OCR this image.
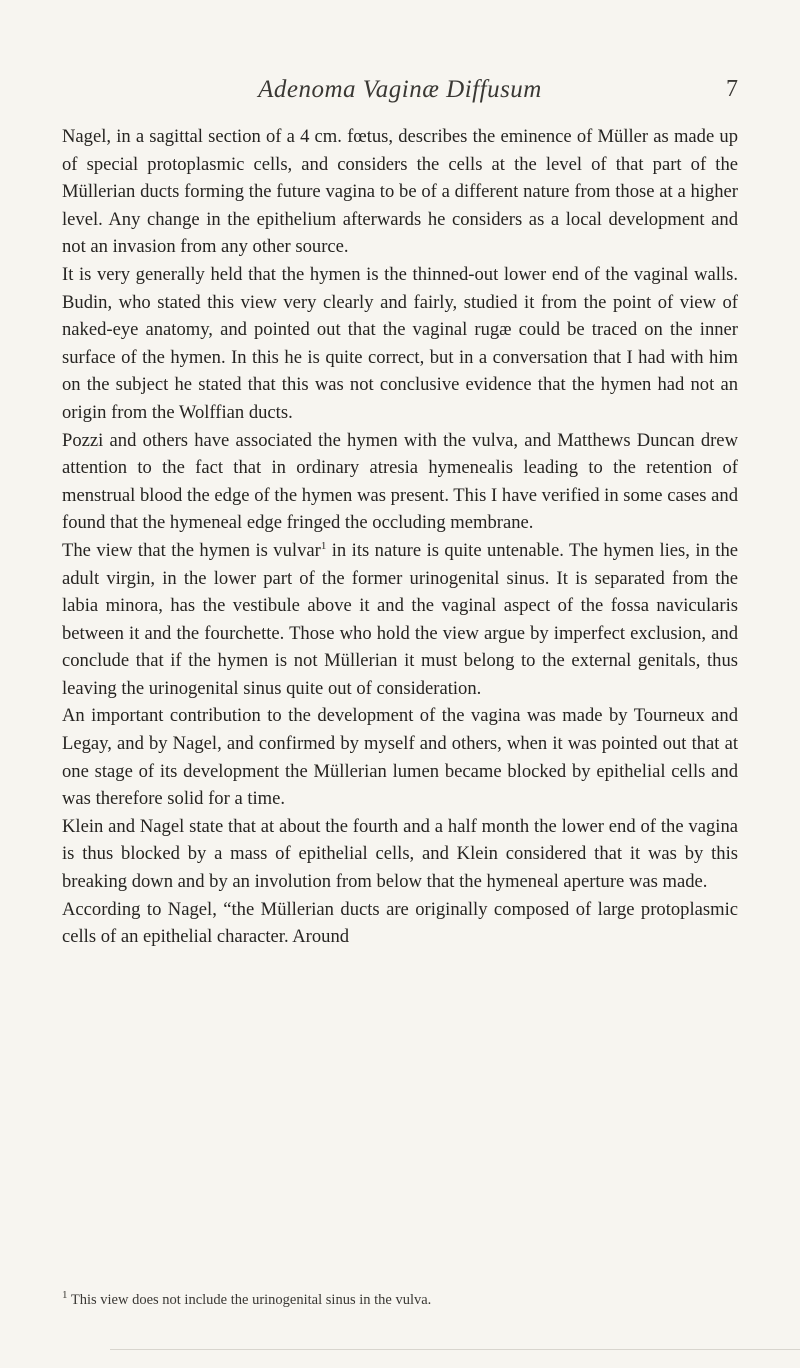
Adenoma Vaginæ Diffusum	7

Nagel, in a sagittal section of a 4 cm. fœtus, describes the eminence of Müller as made up of special protoplasmic cells, and considers the cells at the level of that part of the Müllerian ducts forming the future vagina to be of a different nature from those at a higher level. Any change in the epithelium afterwards he considers as a local development and not an invasion from any other source.

It is very generally held that the hymen is the thinned-out lower end of the vaginal walls. Budin, who stated this view very clearly and fairly, studied it from the point of view of naked-eye anatomy, and pointed out that the vaginal rugæ could be traced on the inner surface of the hymen. In this he is quite correct, but in a conversation that I had with him on the subject he stated that this was not conclusive evidence that the hymen had not an origin from the Wolffian ducts.

Pozzi and others have associated the hymen with the vulva, and Matthews Duncan drew attention to the fact that in ordinary atresia hymenealis leading to the retention of menstrual blood the edge of the hymen was present. This I have verified in some cases and found that the hymeneal edge fringed the occluding membrane.

The view that the hymen is vulvar$^1$ in its nature is quite untenable. The hymen lies, in the adult virgin, in the lower part of the former urinogenital sinus. It is separated from the labia minora, has the vestibule above it and the vaginal aspect of the fossa navicularis between it and the fourchette. Those who hold the view argue by imperfect exclusion, and conclude that if the hymen is not Müllerian it must belong to the external genitals, thus leaving the urinogenital sinus quite out of consideration.

An important contribution to the development of the vagina was made by Tourneux and Legay, and by Nagel, and confirmed by myself and others, when it was pointed out that at one stage of its development the Müllerian lumen became blocked by epithelial cells and was therefore solid for a time.

Klein and Nagel state that at about the fourth and a half month the lower end of the vagina is thus blocked by a mass of epithelial cells, and Klein considered that it was by this breaking down and by an involution from below that the hymeneal aperture was made.

According to Nagel, “the Müllerian ducts are originally composed of large protoplasmic cells of an epithelial character. Around

$^1$ This view does not include the urinogenital sinus in the vulva.
